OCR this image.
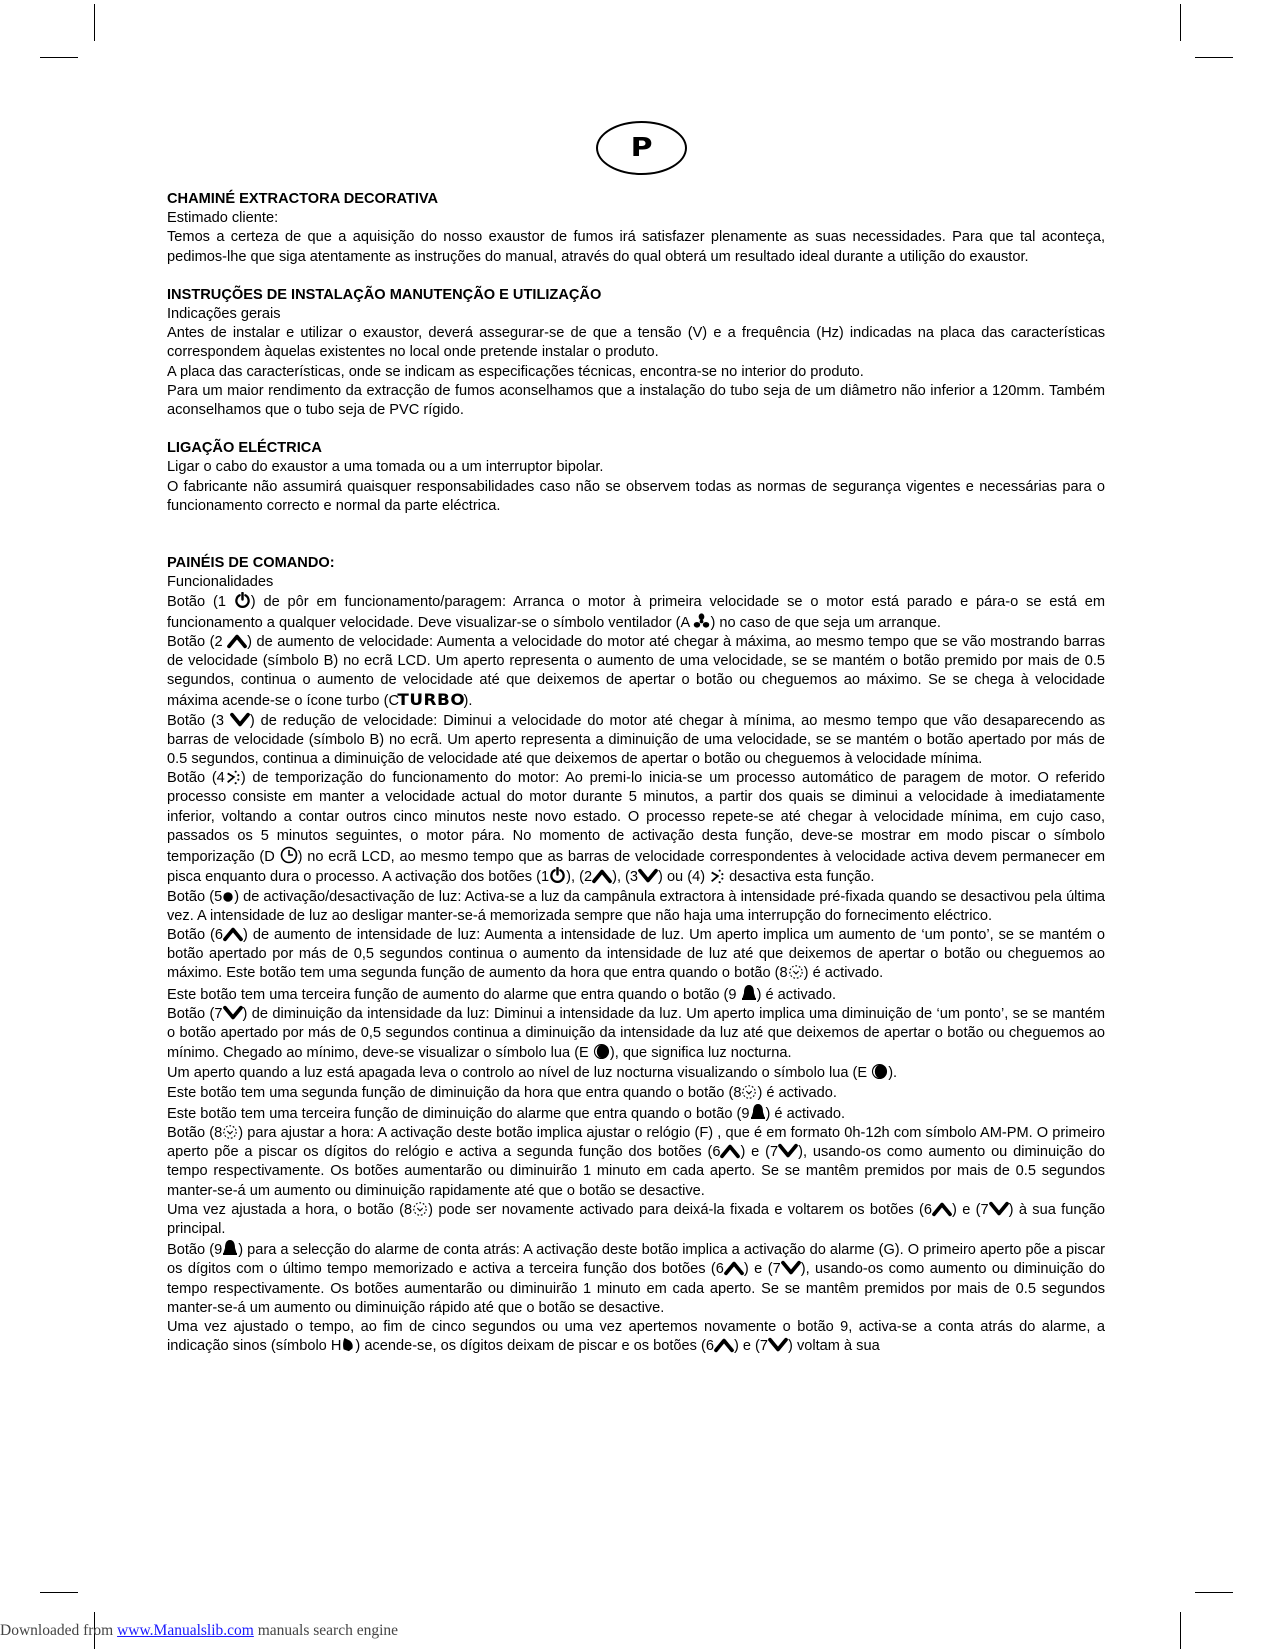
P

CHAMINÉ EXTRACTORA DECORATIVA

Estimado cliente:

Temos a certeza de que a aquisição do nosso exaustor de fumos irá satisfazer plenamente as suas necessidades. Para que tal aconteça, pedimos-lhe que siga atentamente as instruções do manual, através do qual obterá um resultado ideal durante a utilição do exaustor.

INSTRUÇÕES DE INSTALAÇÃO MANUTENÇÃO E UTILIZAÇÃO

Indicações gerais

Antes de instalar e utilizar o exaustor, deverá assegurar-se de que a tensão (V) e a frequência (Hz) indicadas na placa das características correspondem àquelas existentes no local onde pretende instalar o produto.

A placa das características, onde se indicam as especificações técnicas, encontra-se no interior do produto.

Para um maior rendimento da extracção de fumos aconselhamos que a instalação do tubo seja de um diâmetro não inferior a 120mm. Também aconselhamos que o tubo seja de PVC rígido.

LIGAÇÃO ELÉCTRICA

Ligar o cabo do exaustor a uma tomada ou a um interruptor bipolar.

O fabricante não assumirá quaisquer responsabilidades caso não se observem todas as normas de segurança vigentes e necessárias para o funcionamento correcto e normal da parte eléctrica.

PAINÉIS DE COMANDO:

Funcionalidades

Botão (1
) de pôr em funcionamento/paragem: Arranca o motor à primeira velocidade se o motor está parado e pára-o se está em funcionamento a qualquer velocidade. Deve visualizar-se o símbolo ventilador (A
) no caso de que seja um arranque.

Botão (2
) de aumento de velocidade: Aumenta a velocidade do motor até chegar à máxima, ao mesmo tempo que se vão mostrando barras de velocidade (símbolo B) no ecrã LCD. Um aperto representa o aumento de uma velocidade, se se mantém o botão premido por mais de 0.5 segundos, continua o aumento de velocidade até que deixemos de apertar o botão ou cheguemos ao máximo. Se se chega à velocidade máxima acende-se o ícone turbo (CTURBO).

Botão (3
) de redução de velocidade: Diminui a velocidade do motor até chegar à mínima, ao mesmo tempo que vão desaparecendo as barras de velocidade (símbolo B) no ecrã. Um aperto representa a diminuição de uma velocidade, se se mantém o botão apertado por más de 0.5 segundos, continua a diminuição de velocidade até que deixemos de apertar o botão ou cheguemos à velocidade mínima.

Botão (4 ) de temporização do funcionamento do motor: Ao premi-lo inicia-se um processo automático de paragem de motor. O referido processo consiste em manter a velocidade actual do motor durante 5 minutos, a partir dos quais se diminui a velocidade à imediatamente inferior, voltando a contar outros cinco minutos neste novo estado. O processo repete-se até chegar à velocidade mínima, em cujo caso, passados os 5 minutos seguintes, o motor pára. No momento de activação desta função, deve-se mostrar em modo piscar o símbolo temporização (D
) no ecrã LCD, ao mesmo tempo que as barras de velocidade correspondentes à velocidade activa devem permanecer em pisca enquanto dura o processo. A activação dos botões (1 ), (2 ), (3 ) ou (4)
desactiva esta função.

Botão (5 ) de activação/desactivação de luz: Activa-se a luz da campânula extractora à intensidade pré-fixada quando se desactivou pela última vez. A intensidade de luz ao desligar manter-se-á memorizada sempre que não haja uma interrupção do fornecimento eléctrico.

Botão (6 ) de aumento de intensidade de luz: Aumenta a intensidade de luz. Um aperto implica um aumento de ‘um ponto’, se se mantém o botão apertado por más de 0,5 segundos continua o aumento da intensidade de luz até que deixemos de apertar o botão ou cheguemos ao máximo. Este botão tem uma segunda função de aumento da hora que entra quando o botão (8 ) é activado.

Este botão tem uma terceira função de aumento do alarme que entra quando o botão (9
) é activado.

Botão (7 ) de diminuição da intensidade da luz: Diminui a intensidade da luz. Um aperto implica uma diminuição de ‘um ponto’, se se mantém o botão apertado por más de 0,5 segundos continua a diminuição da intensidade da luz até que deixemos de apertar o botão ou cheguemos ao mínimo. Chegado ao mínimo, deve-se visualizar o símbolo lua (E
), que significa luz nocturna.

Um aperto quando a luz está apagada leva o controlo ao nível de luz nocturna visualizando o símbolo lua (E
).

Este botão tem uma segunda função de diminuição da hora que entra quando o botão (8 ) é activado.

Este botão tem uma terceira função de diminuição do alarme que entra quando o botão (9 ) é activado.

Botão (8 ) para ajustar a hora: A activação deste botão implica ajustar o relógio (F) , que é em formato 0h-12h com símbolo AM-PM. O primeiro aperto põe a piscar os dígitos do relógio e activa a segunda função dos botões (6 ) e (7 ), usando-os como aumento ou diminuição do tempo respectivamente. Os botões aumentarão ou diminuirão 1 minuto em cada aperto. Se se mantêm premidos por mais de 0.5 segundos manter-se-á um aumento ou diminuição rapidamente até que o botão se desactive.

Uma vez ajustada a hora, o botão (8 ) pode ser novamente activado para deixá-la fixada e voltarem os botões (6 ) e (7 ) à sua função principal.

Botão (9 ) para a selecção do alarme de conta atrás: A activação deste botão implica a activação do alarme (G). O primeiro aperto põe a piscar os dígitos com o último tempo memorizado e activa a terceira função dos botões (6 ) e (7 ), usando-os como aumento ou diminuição do tempo respectivamente. Os botões aumentarão ou diminuirão 1 minuto em cada aperto. Se se mantêm premidos por mais de 0.5 segundos manter-se-á um aumento ou diminuição rápido até que o botão se desactive.

Uma vez ajustado o tempo, ao fim de cinco segundos ou uma vez apertemos novamente o botão 9, activa-se a conta atrás do alarme, a indicação sinos (símbolo H ) acende-se, os dígitos deixam de piscar e os botões (6 ) e (7 ) voltam à sua

Downloaded from www.Manualslib.com manuals search engine
